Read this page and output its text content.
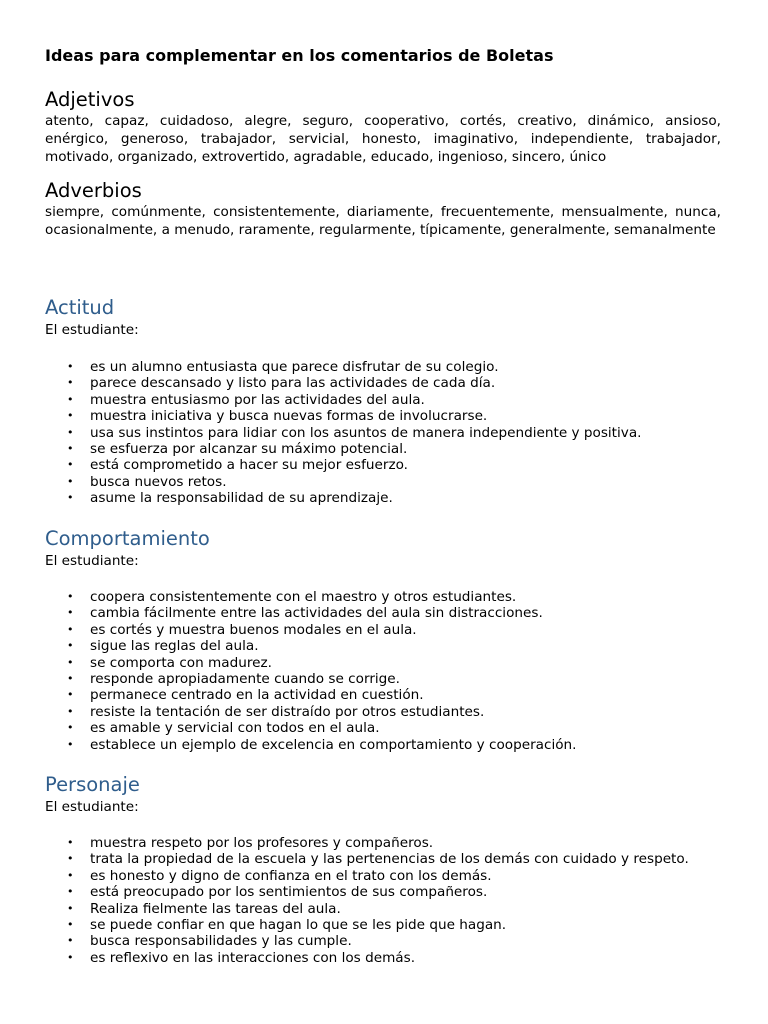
Ideas para complementar en los comentarios de Boletas
Adjetivos

atento, capaz, cuidadoso, alegre, seguro, cooperativo, cortés, creativo, dinámico, ansioso, enérgico, generoso, trabajador, servicial, honesto, imaginativo, independiente, trabajador, motivado, organizado, extrovertido, agradable, educado, ingenioso, sincero, único

Adverbios

siempre, comúnmente, consistentemente, diariamente, frecuentemente, mensualmente, nunca, ocasionalmente, a menudo, raramente, regularmente, típicamente, generalmente, semanalmente

Actitud

El estudiante:

• es un alumno entusiasta que parece disfrutar de su colegio.
• parece descansado y listo para las actividades de cada día.
• muestra entusiasmo por las actividades del aula.
• muestra iniciativa y busca nuevas formas de involucrarse.
• usa sus instintos para lidiar con los asuntos de manera independiente y positiva.
• se esfuerza por alcanzar su máximo potencial.
• está comprometido a hacer su mejor esfuerzo.
• busca nuevos retos.
• asume la responsabilidad de su aprendizaje.
Comportamiento

El estudiante:

• coopera consistentemente con el maestro y otros estudiantes.
• cambia fácilmente entre las actividades del aula sin distracciones.
• es cortés y muestra buenos modales en el aula.
• sigue las reglas del aula.
• se comporta con madurez.
• responde apropiadamente cuando se corrige.
• permanece centrado en la actividad en cuestión.
• resiste la tentación de ser distraído por otros estudiantes.
• es amable y servicial con todos en el aula.
• establece un ejemplo de excelencia en comportamiento y cooperación.
Personaje

El estudiante:

• muestra respeto por los profesores y compañeros.
• trata la propiedad de la escuela y las pertenencias de los demás con cuidado y respeto.
• es honesto y digno de confianza en el trato con los demás.
• está preocupado por los sentimientos de sus compañeros.
• Realiza fielmente las tareas del aula.
• se puede confiar en que hagan lo que se les pide que hagan.
• busca responsabilidades y las cumple.
• es reflexivo en las interacciones con los demás.
